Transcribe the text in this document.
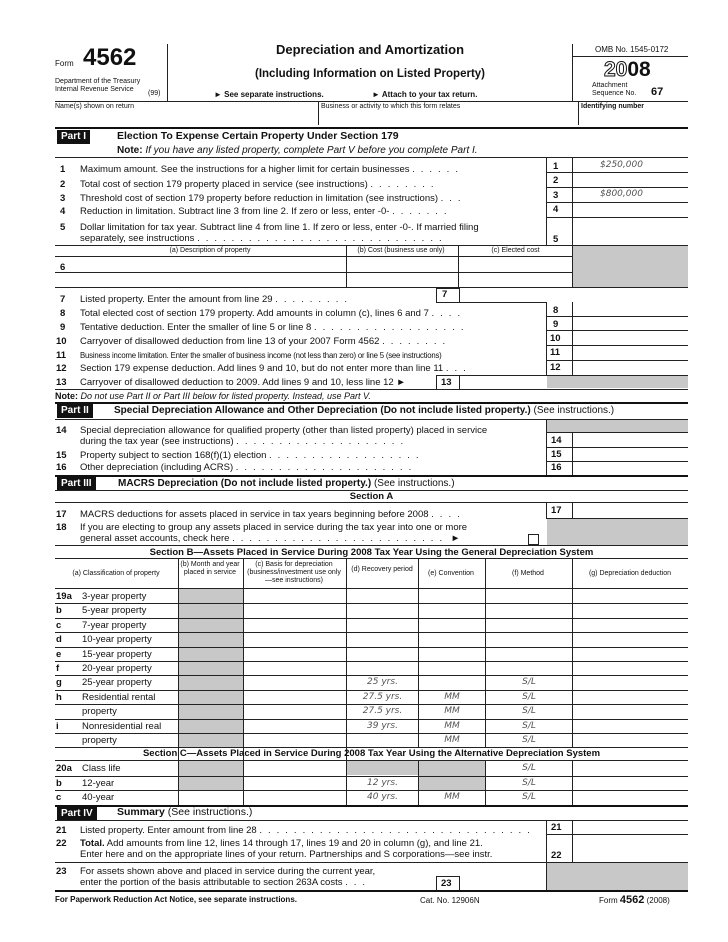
Form 4562
Department of the Treasury
Internal Revenue Service
(99)
Depreciation and Amortization
(Including Information on Listed Property)
► See separate instructions.	► Attach to your tax return.
OMB No. 1545-0172
2008
Attachment
Sequence No. 67
Name(s) shown on return	Business or activity to which this form relates	Identifying number
Part I	Election To Expense Certain Property Under Section 179
Note: If you have any listed property, complete Part V before you complete Part I.
1 Maximum amount. See the instructions for a higher limit for certain businesses ......	1	$250,000
2 Total cost of section 179 property placed in service (see instructions) ........	2
3 Threshold cost of section 179 property before reduction in limitation (see instructions) ...	3	$800,000
4 Reduction in limitation. Subtract line 3 from line 2. If zero or less, enter -0- .......	4
5 Dollar limitation for tax year. Subtract line 4 from line 1. If zero or less, enter -0-. If married filing
separately, see instructions .............................	5
(a) Description of property	(b) Cost (business use only)	(c) Elected cost
6
7 Listed property. Enter the amount from line 29 .........	7
8 Total elected cost of section 179 property. Add amounts in column (c), lines 6 and 7 ....	8
9 Tentative deduction. Enter the smaller of line 5 or line 8 ..................	9
10 Carryover of disallowed deduction from line 13 of your 2007 Form 4562 ........	10
11 Business income limitation. Enter the smaller of business income (not less than zero) or line 5 (see instructions)	11
12 Section 179 expense deduction. Add lines 9 and 10, but do not enter more than line 11 ...	12
13 Carryover of disallowed deduction to 2009. Add lines 9 and 10, less line 12 ►	13
Note: Do not use Part II or Part III below for listed property. Instead, use Part V.
Part II	Special Depreciation Allowance and Other Depreciation (Do not include listed property.) (See instructions.)
14 Special depreciation allowance for qualified property (other than listed property) placed in service
during the tax year (see instructions) ....................	14
15 Property subject to section 168(f)(1) election ..................	15
16 Other depreciation (including ACRS) .....................	16
Part III	MACRS Depreciation (Do not include listed property.) (See instructions.)
Section A
17 MACRS deductions for assets placed in service in tax years beginning before 2008 ....	17
18 If you are electing to group any assets placed in service during the tax year into one or more
general asset accounts, check here ......................... ►
Section B—Assets Placed in Service During 2008 Tax Year Using the General Depreciation System
(a) Classification of property
(b) Month and year placed in service
(c) Basis for depreciation (business/investment use only—see instructions)
(d) Recovery period
(e) Convention	(f) Method	(g) Depreciation deduction
19a 3-year property
b 5-year property
c 7-year property
d 10-year property
e 15-year property
f 20-year property
g 25-year property	25 yrs.	S/L
h Residential rental	27.5 yrs.	MM	S/L
property	27.5 yrs.	MM	S/L
i Nonresidential real	39 yrs.	MM	S/L
property	MM	S/L
Section C—Assets Placed in Service During 2008 Tax Year Using the Alternative Depreciation System
20a Class life	S/L
b 12-year	12 yrs.	S/L
c 40-year	40 yrs.	MM	S/L
Part IV	Summary (See instructions.)
21 Listed property. Enter amount from line 28 ................................ 21
22 Total. Add amounts from line 12, lines 14 through 17, lines 19 and 20 in column (g), and line 21.
Enter here and on the appropriate lines of your return. Partnerships and S corporations—see instr.	22
23 For assets shown above and placed in service during the current year,
enter the portion of the basis attributable to section 263A costs ...	23
For Paperwork Reduction Act Notice, see separate instructions.	Cat. No. 12906N	Form 4562 (2008)
